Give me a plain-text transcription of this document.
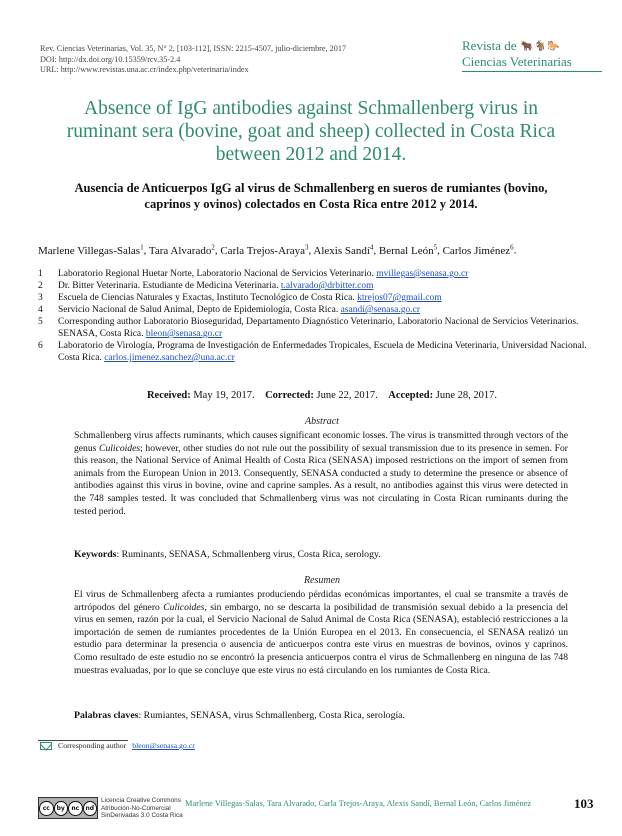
Rev. Ciencias Veterinarias, Vol. 35, N° 2, [103-112], ISSN: 2215-4507, julio-diciembre, 2017
DOI: http://dx.doi.org/10.15359/rcv.35-2.4
URL: http://www.revistas.una.ac.cr/index.php/veterinaria/index
Revista de 🐂🐐🐎
Ciencias Veterinarias
Absence of IgG antibodies against Schmallenberg virus in ruminant sera (bovine, goat and sheep) collected in Costa Rica between 2012 and 2014.
Ausencia de Anticuerpos IgG al virus de Schmallenberg en sueros de rumiantes (bovino, caprinos y ovinos) colectados en Costa Rica entre 2012 y 2014.
Marlene Villegas-Salas$^1$, Tara Alvarado$^2$, Carla Trejos-Araya$^3$, Alexis Sandí$^4$, Bernal León$^5$, Carlos Jiménez$^6$.
1	Laboratorio Regional Huetar Norte, Laboratorio Nacional de Servicios Veterinario. mvillegas@senasa.go.cr
2	Dr. Bitter Veterinaria. Estudiante de Medicina Veterinaria. t.alvarado@drbitter.com
3	Escuela de Ciencias Naturales y Exactas, Instituto Tecnológico de Costa Rica. ktrejos07@gmail.com
4	Servicio Nacional de Salud Animal, Depto de Epidemiología, Costa Rica. asandi@senasa.go.cr
5	Corresponding author Laboratorio Bioseguridad, Departamento Diagnóstico Veterinario, Laboratorio Nacional de Servicios Veterinarios. SENASA, Costa Rica. bleon@senasa.go.cr
6	Laboratorio de Virología, Programa de Investigación de Enfermedades Tropicales, Escuela de Medicina Veterinaria, Universidad Nacional. Costa Rica. carlos.jimenez.sanchez@una.ac.cr
Received: May 19, 2017. Corrected: June 22, 2017. Accepted: June 28, 2017.
Abstract
Schmallenberg virus affects ruminants, which causes significant economic losses. The virus is transmitted through vectors of the genus Culicoides; however, other studies do not rule out the possibility of sexual transmission due to its presence in semen. For this reason, the National Service of Animal Health of Costa Rica (SENASA) imposed restrictions on the import of semen from animals from the European Union in 2013. Consequently, SENASA conducted a study to determine the presence or absence of antibodies against this virus in bovine, ovine and caprine samples. As a result, no antibodies against this virus were detected in the 748 samples tested. It was concluded that Schmallenberg virus was not circulating in Costa Rican ruminants during the tested period.
Keywords: Ruminants, SENASA, Schmallenberg virus, Costa Rica, serology.
Resumen
El virus de Schmallenberg afecta a rumiantes produciendo pérdidas económicas importantes, el cual se transmite a través de artrópodos del género Culicoides, sin embargo, no se descarta la posibilidad de transmisión sexual debido a la presencia del virus en semen, razón por la cual, el Servicio Nacional de Salud Animal de Costa Rica (SENASA), estableció restricciones a la importación de semen de rumiantes procedentes de la Unión Europea en el 2013. En consecuencia, el SENASA realizó un estudio para determinar la presencia o ausencia de anticuerpos contra este virus en muestras de bovinos, ovinos y caprinos. Como resultado de este estudio no se encontró la presencia anticuerpos contra el virus de Schmallenberg en ninguna de las 748 muestras evaluadas, por lo que se concluye que este virus no está circulando en los rumiantes de Costa Rica.
Palabras claves: Rumiantes, SENASA, virus Schmallenberg, Costa Rica, serología.
Corresponding author bleon@senasa.go.cr
cc	by	nc	nd
Licencia Creative Commons
Atribución-No-Comercial
SinDerivadas 3.0 Costa Rica
Marlene Villegas-Salas, Tara Alvarado, Carla Trejos-Araya, Alexis Sandí, Bernal León, Carlos Jiménez	103
